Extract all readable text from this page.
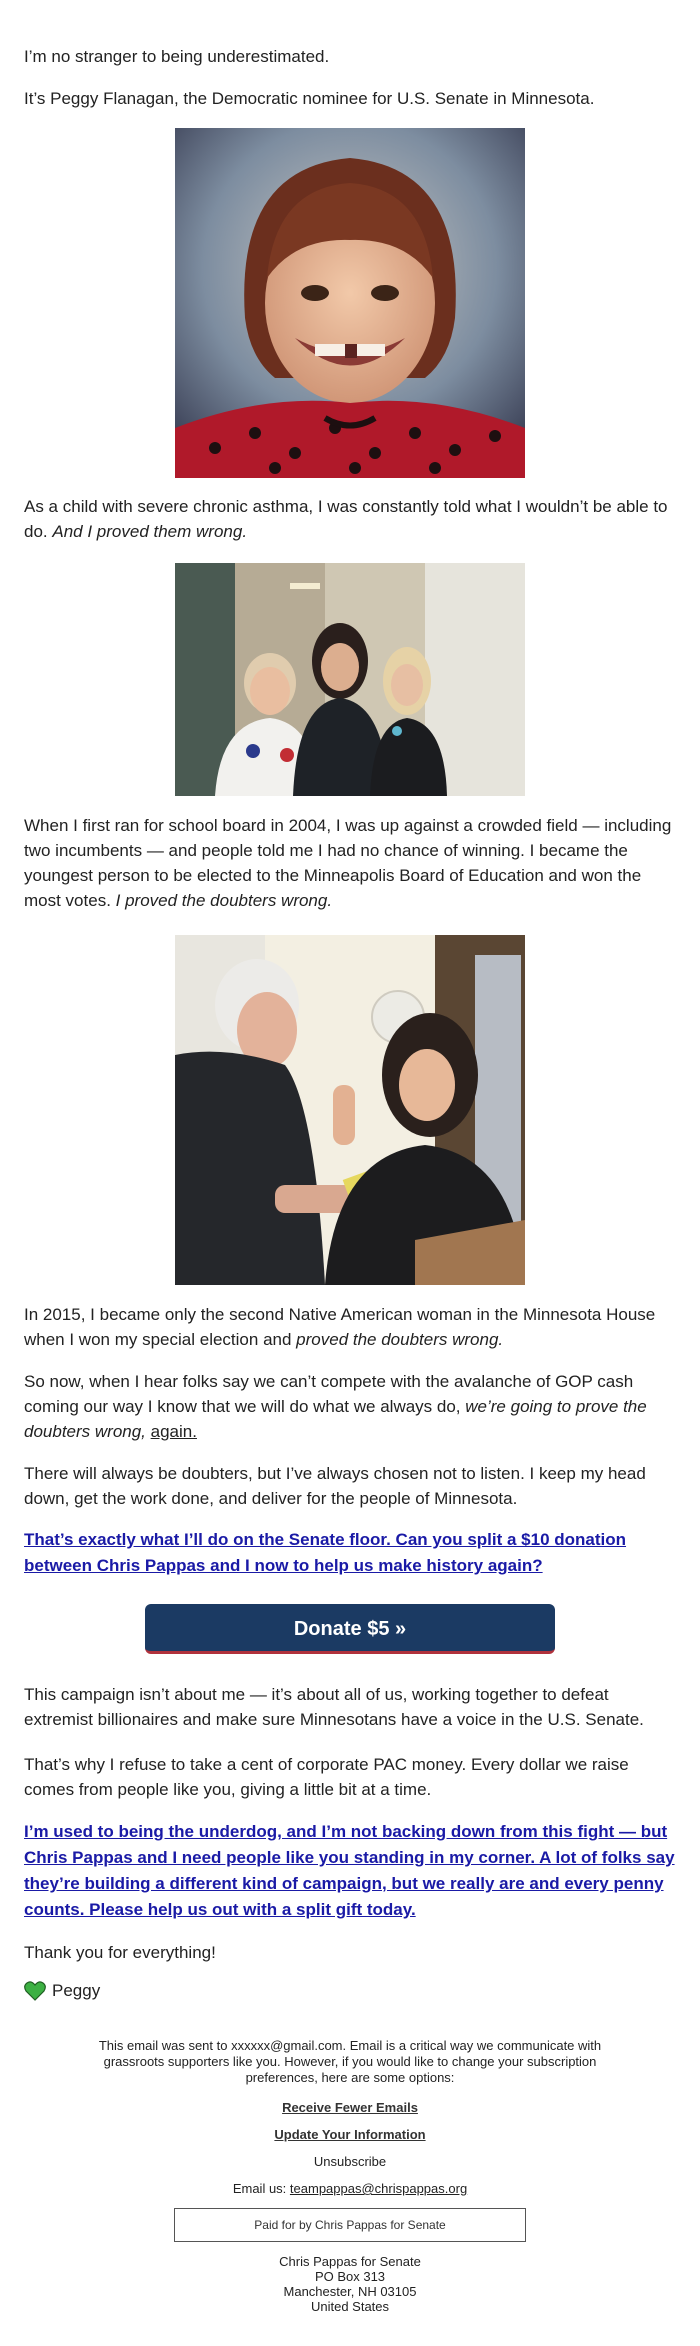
I’m no stranger to being underestimated.

It’s Peggy Flanagan, the Democratic nominee for U.S. Senate in Minnesota.

As a child with severe chronic asthma, I was constantly told what I wouldn’t be able to do. And I proved them wrong.

When I first ran for school board in 2004, I was up against a crowded field — including two incumbents — and people told me I had no chance of winning. I became the youngest person to be elected to the Minneapolis Board of Education and won the most votes. I proved the doubters wrong.

In 2015, I became only the second Native American woman in the Minnesota House when I won my special election and proved the doubters wrong.

So now, when I hear folks say we can’t compete with the avalanche of GOP cash coming our way I know that we will do what we always do, we’re going to prove the doubters wrong, again.

There will always be doubters, but I’ve always chosen not to listen. I keep my head down, get the work done, and deliver for the people of Minnesota.

That’s exactly what I’ll do on the Senate floor. Can you split a $10 donation between Chris Pappas and I now to help us make history again?
Donate $5 »

This campaign isn’t about me — it’s about all of us, working together to defeat extremist billionaires and make sure Minnesotans have a voice in the U.S. Senate.

That’s why I refuse to take a cent of corporate PAC money. Every dollar we raise comes from people like you, giving a little bit at a time.

I’m used to being the underdog, and I’m not backing down from this fight — but Chris Pappas and I need people like you standing in my corner. A lot of folks say they’re building a different kind of campaign, but we really are and every penny counts. Please help us out with a split gift today.

Thank you for everything!

Peggy
This email was sent to xxxxxx@gmail.com. Email is a critical way we communicate with grassroots supporters like you. However, if you would like to change your subscription preferences, here are some options:
Receive Fewer Emails
Update Your Information
Unsubscribe
Email us: teampappas@chrispappas.org
Paid for by Chris Pappas for Senate
Chris Pappas for Senate
PO Box 313
Manchester, NH 03105
United States
